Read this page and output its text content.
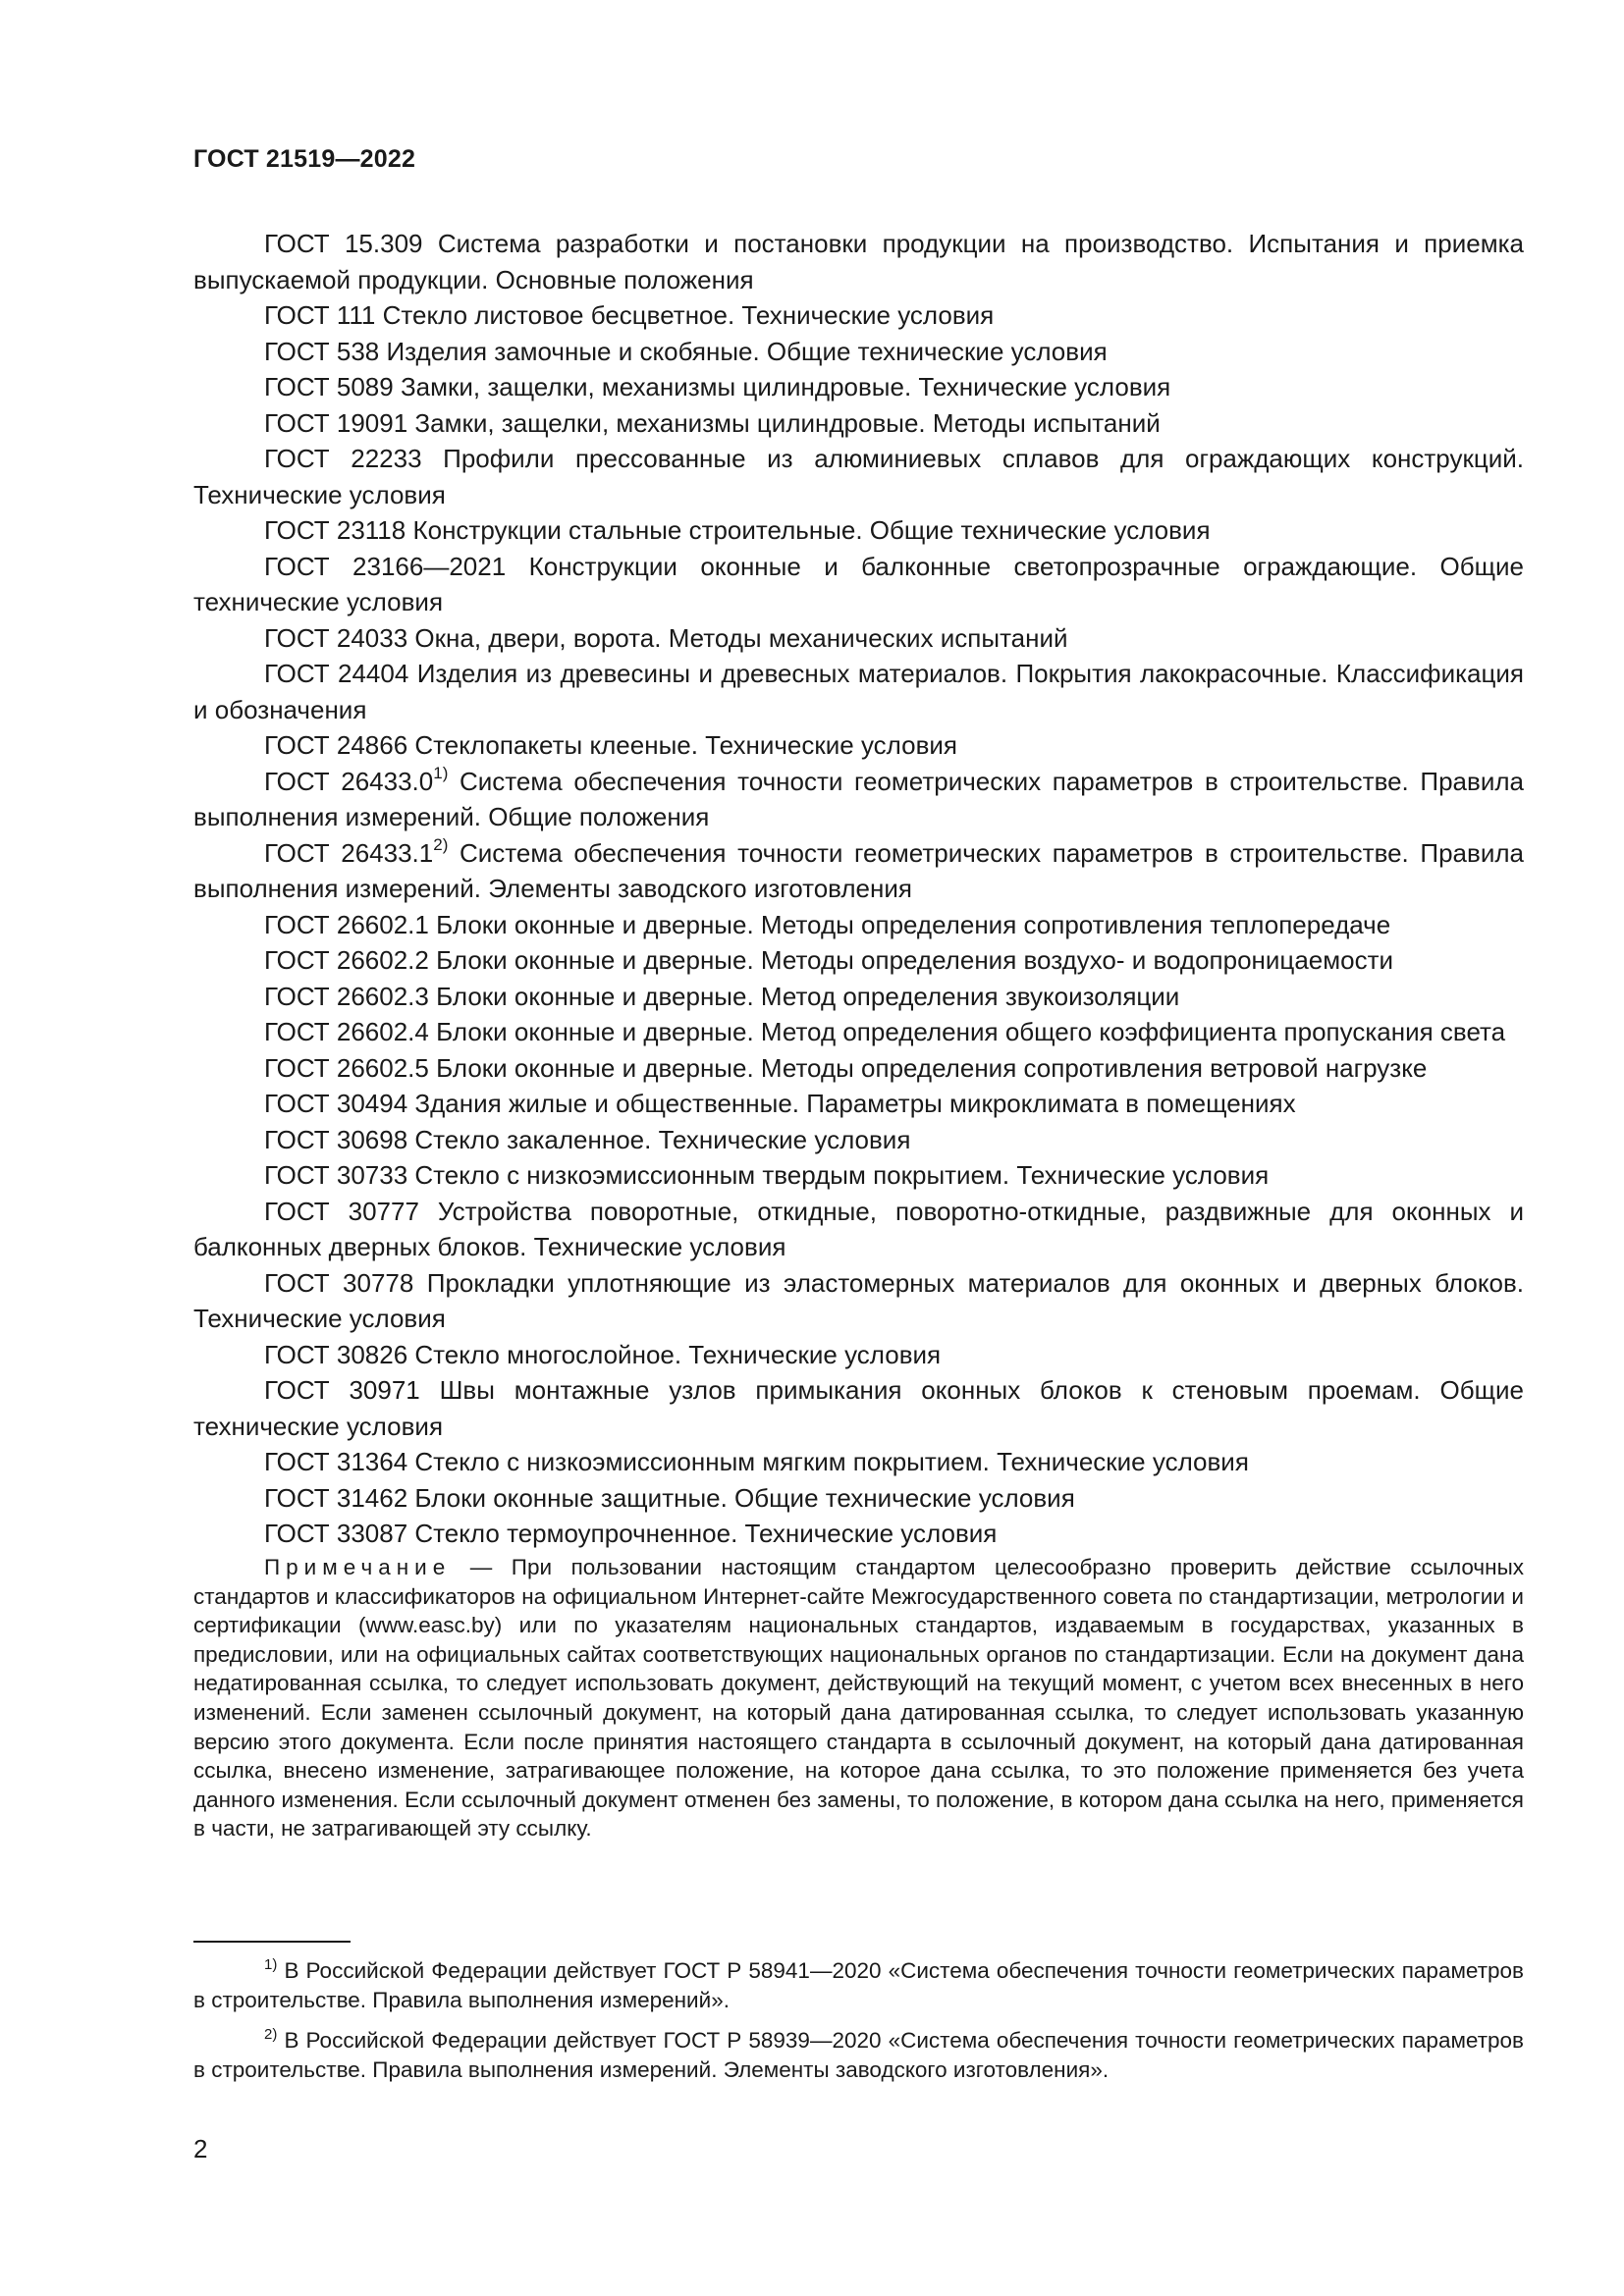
ГОСТ 21519—2022

ГОСТ 15.309 Система разработки и постановки продукции на производство. Испытания и приемка выпускаемой продукции. Основные положения

ГОСТ 111 Стекло листовое бесцветное. Технические условия

ГОСТ 538 Изделия замочные и скобяные. Общие технические условия

ГОСТ 5089 Замки, защелки, механизмы цилиндровые. Технические условия

ГОСТ 19091 Замки, защелки, механизмы цилиндровые. Методы испытаний

ГОСТ 22233 Профили прессованные из алюминиевых сплавов для ограждающих конструкций. Технические условия

ГОСТ 23118 Конструкции стальные строительные. Общие технические условия

ГОСТ 23166—2021 Конструкции оконные и балконные светопрозрачные ограждающие. Общие технические условия

ГОСТ 24033 Окна, двери, ворота. Методы механических испытаний

ГОСТ 24404 Изделия из древесины и древесных материалов. Покрытия лакокрасочные. Классификация и обозначения

ГОСТ 24866 Стеклопакеты клееные. Технические условия

ГОСТ 26433.0$^{1)}$ Система обеспечения точности геометрических параметров в строительстве. Правила выполнения измерений. Общие положения

ГОСТ 26433.1$^{2)}$ Система обеспечения точности геометрических параметров в строительстве. Правила выполнения измерений. Элементы заводского изготовления

ГОСТ 26602.1 Блоки оконные и дверные. Методы определения сопротивления теплопередаче

ГОСТ 26602.2 Блоки оконные и дверные. Методы определения воздухо- и водопроницаемости

ГОСТ 26602.3 Блоки оконные и дверные. Метод определения звукоизоляции

ГОСТ 26602.4 Блоки оконные и дверные. Метод определения общего коэффициента пропускания света

ГОСТ 26602.5 Блоки оконные и дверные. Методы определения сопротивления ветровой нагрузке

ГОСТ 30494 Здания жилые и общественные. Параметры микроклимата в помещениях

ГОСТ 30698 Стекло закаленное. Технические условия

ГОСТ 30733 Стекло с низкоэмиссионным твердым покрытием. Технические условия

ГОСТ 30777 Устройства поворотные, откидные, поворотно-откидные, раздвижные для оконных и балконных дверных блоков. Технические условия

ГОСТ 30778 Прокладки уплотняющие из эластомерных материалов для оконных и дверных блоков. Технические условия

ГОСТ 30826 Стекло многослойное. Технические условия

ГОСТ 30971 Швы монтажные узлов примыкания оконных блоков к стеновым проемам. Общие технические условия

ГОСТ 31364 Стекло с низкоэмиссионным мягким покрытием. Технические условия

ГОСТ 31462 Блоки оконные защитные. Общие технические условия

ГОСТ 33087 Стекло термоупрочненное. Технические условия

Примечание — При пользовании настоящим стандартом целесообразно проверить действие ссылочных стандартов и классификаторов на официальном Интернет-сайте Межгосударственного совета по стандартизации, метрологии и сертификации (www.easc.by) или по указателям национальных стандартов, издаваемым в государствах, указанных в предисловии, или на официальных сайтах соответствующих национальных органов по стандартизации. Если на документ дана недатированная ссылка, то следует использовать документ, действующий на текущий момент, с учетом всех внесенных в него изменений. Если заменен ссылочный документ, на который дана датированная ссылка, то следует использовать указанную версию этого документа. Если после принятия настоящего стандарта в ссылочный документ, на который дана датированная ссылка, внесено изменение, затрагивающее положение, на которое дана ссылка, то это положение применяется без учета данного изменения. Если ссылочный документ отменен без замены, то положение, в котором дана ссылка на него, применяется в части, не затрагивающей эту ссылку.

$^{1)}$ В Российской Федерации действует ГОСТ Р 58941—2020 «Система обеспечения точности геометрических параметров в строительстве. Правила выполнения измерений».

$^{2)}$ В Российской Федерации действует ГОСТ Р 58939—2020 «Система обеспечения точности геометрических параметров в строительстве. Правила выполнения измерений. Элементы заводского изготовления».

2
